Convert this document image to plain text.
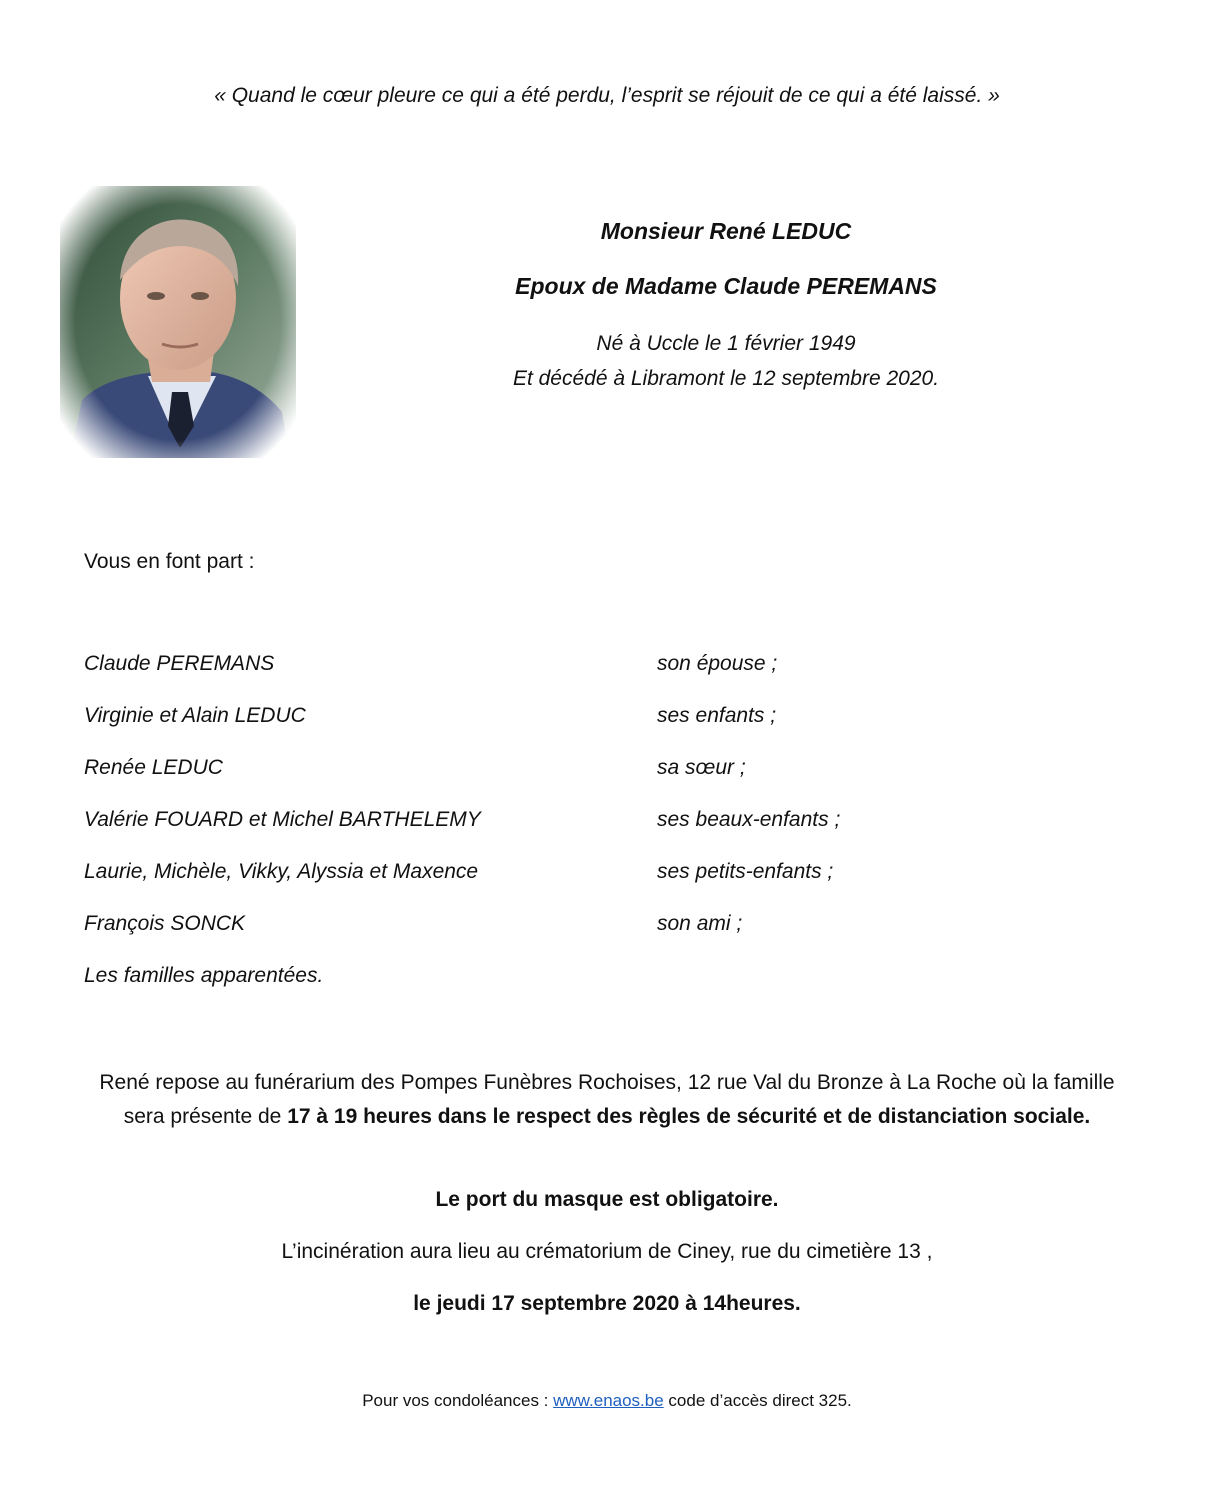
« Quand le cœur pleure ce qui a été perdu, l’esprit se réjouit de ce qui a été laissé. »
Monsieur René LEDUC
Epoux de Madame Claude PEREMANS
Né à Uccle le 1 février 1949
Et décédé à Libramont le 12 septembre 2020.
Vous en font part :
Claude PEREMANS	son épouse ;
Virginie et Alain LEDUC	ses enfants ;
Renée LEDUC	sa sœur ;
Valérie FOUARD et Michel BARTHELEMY	ses beaux-enfants ;
Laurie, Michèle, Vikky, Alyssia et Maxence	ses petits-enfants ;
François SONCK	son ami ;
Les familles apparentées.
René repose au funérarium des Pompes Funèbres Rochoises, 12 rue Val du Bronze à La Roche où la famille sera présente de 17 à 19 heures dans le respect des règles de sécurité et de distanciation sociale.
Le port du masque est obligatoire.
L’incinération aura lieu au crématorium de Ciney, rue du cimetière 13 ,
le jeudi 17 septembre 2020 à 14heures.
Pour vos condoléances : www.enaos.be code d’accès direct 325.
